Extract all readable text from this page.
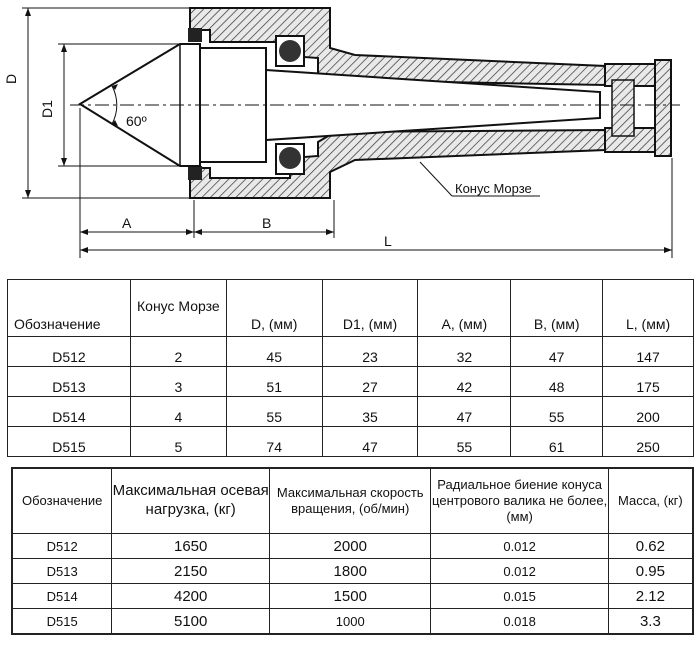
D
D1
60º
A	B
L
Конус Морзе
Обозначение	Конус Морзе	D, (мм)	D1, (мм)	A, (мм)	B, (мм)	L, (мм)
D512	2	45	23	32	47	147
D513	3	51	27	42	48	175
D514	4	55	35	47	55	200
D515	5	74	47	55	61	250
Обозначение	Максимальная осевая нагрузка, (кг)	Максимальная скорость вращения, (об/мин)	Радиальное биение конуса центрового валика не более, (мм)	Масса, (кг)
D512	1650	2000	0.012	0.62
D513	2150	1800	0.012	0.95
D514	4200	1500	0.015	2.12
D515	5100	1000	0.018	3.3
